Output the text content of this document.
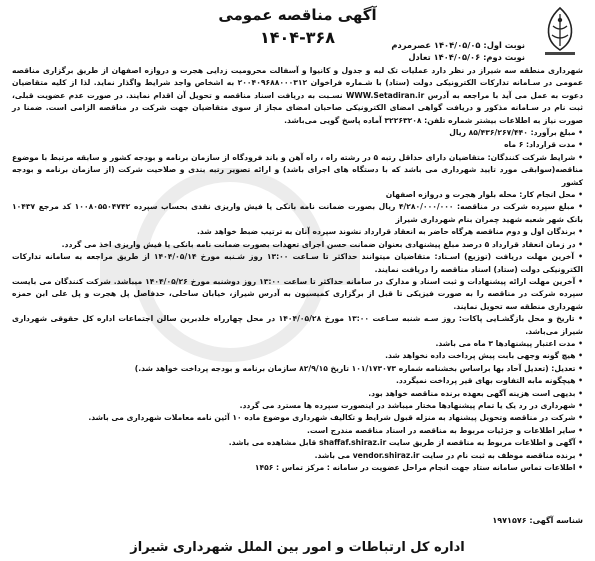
آگهی مناقصه عمومی
۱۴۰۴-۳۶۸	نوبت اول: ۱۴۰۴/۰۵/۰۵ عصرمردم
نوبت دوم: ۱۴۰۴/۰۵/۰۶ تعادل

شهرداری منطقه سه شیراز در نظر دارد عملیات تک لبه و جدول و کانیوا و آسفالت محرومیت زدایی هجرت و دروازه اصفهان از طریق برگزاری مناقصه عمومی در سـامانه تدارکات الکترونیکی دولت (ستاد) با شـماره فراخوان ۲۰۰۴۰۹۶۸۸۰۰۰۳۱۲ به اشخاص واجد شرایط واگذار نماید. لذا از کلیه متقاضیان دعوت به عمل می آید با مراجعه به آدرس WWW.Setadiran.ir نسـبت به دریافت اسناد مناقصه و تحویل آن اقدام نمایند. در صورت عدم عضویت قبلی، ثبت نام در سـامانه مذکور و دریافت گواهی امضای الکترونیکی صاحبان امضای مجاز از سوی متقاضیان جهت شرکت در مناقصه الزامی است. ضمنا در صورت نیاز به اطلاعات بیشتر شماره تلفن: ۳۲۲۶۳۲۰۸ آماده پاسخ گویی می‌باشد.

• مبلغ برآورد: ۸۵/۴۳۶/۲۶۷/۴۴۰ ریال

• مدت قرارداد: ۶ ماه

• شرایط شرکت کنندگان: متقاضیان دارای حداقل رتبه ۵ در رشته راه ، راه آهن و باند فرودگاه از سازمان برنامه و بودجه کشور و سابقه مرتبط با موضوع مناقصه(سوابقی مورد تایید شهرداری می باشد که با دستگاه های اجرای باشد) و ارائه تصویر رتبه بندی و صلاحیت شرکت (از سازمان برنامه و بودجه کشور

• محل انجام کار: محله بلوار هجرت و دروازه اصفهان

• مبلغ سپرده شرکت در مناقصه: ۴/۲۸۰/۰۰۰/۰۰۰ ریال بصورت ضمانت نامه بانکی یا فیش واریزی نقدی بحساب سپرده ۱۰۰۸۰۵۵۰۴۷۴۲ کد مرجع ۱۰۴۳۷ بانک شهر شعبه شهید چمران بنام شهرداری شیراز

• برندگان اول و دوم مناقصه هرگاه حاضر به انعقاد قرارداد نشوند سپرده آنان به ترتیب ضبط خواهد شد.

• در زمان انعقاد قرارداد ۵ درصد مبلغ پیشنهادی بعنوان ضمانت حسن اجرای تعهدات بصورت ضمانت نامه بانکی یا فیش واریزی اخذ می گردد.

• آخرین مهلت دریافت (توزیع) اسـناد: متقاضیان میتوانند حداکثر تا سـاعت ۱۳:۰۰ روز شـنبه مورخ ۱۴۰۴/۰۵/۱۴ از طریق مراجعه به سامانه تدارکات الکترونیکی دولت (ستاد) اسناد مناقصه را دریافت نمایند.

• آخرین مهلت ارائه پیشنهادات و ثبت اسناد و مدارک در سامانه حداکثر تا ساعت ۱۳:۰۰ روز دوشنبه مورخ ۱۴۰۴/۰۵/۲۶ میباشد. شرکت کنندگان می بایست سپرده شرکت در مناقصه را به صورت فیزیکی تا قبل از برگزاری کمیسیون به آدرس شیراز، خیابان ساحلی، حدفاصل پل هجرت و پل علی ابن حمزه شهرداری منطقه سه تحویل نمایند.

• تاریخ و محل بازگشـایی پاکات: روز سـه شنبه سـاعت ۱۳:۰۰ مورخ ۱۴۰۴/۰۵/۲۸ در محل چهارراه خلدبرین سالن اجتماعات اداره کل حقوقی شهرداری شیراز می‌باشد.

• مدت اعتبار پیشنهادها ۳ ماه می باشد.

• هیچ گونه وجهی بابت پیش پرداخت داده نخواهد شد.

• تعدیل: (تعدیل آحاد بها براساس بخشنامه شماره ۱۰۱/۱۷۳۰۷۳ تاریخ ۸۲/۹/۱۵ سازمان برنامه و بودجه پرداخت خواهد شد.)

• هیچگونه مابه التفاوت بهای قیر پرداخت نمیگردد.

• بدیهی است هزینه آگهی بعهده برنده مناقصه خواهد بود.

• شهرداری در رد یک یا تمام پیشنهادها مختار میباشد در اینصورت سپرده ها مسترد می گردد.

• شرکت در مناقصه وتحویل پیشنهاد به منزله قبول شرایط و تکالیف شهرداری موضوع ماده ۱۰ آئین نامه معاملات شهرداری می باشد.

• سایر اطلاعات و جزئیات مربوط به مناقصه در اسناد مناقصه مندرج است.

• آگهی و اطلاعات مربوط به مناقصه از طریق سایت shaffaf.shiraz.ir قابل مشاهده می باشد.

• برنده مناقصه موظف به ثبت نام در سایت vendor.shiraz.ir می باشد.

• اطلاعات تماس سامانه ستاد جهت انجام مراحل عضویت در سامانه : مرکز تماس : ۱۴۵۶

شناسه آگهی: ۱۹۷۱۵۷۶
اداره کل ارتباطات و امور بین الملل شهرداری شیراز
